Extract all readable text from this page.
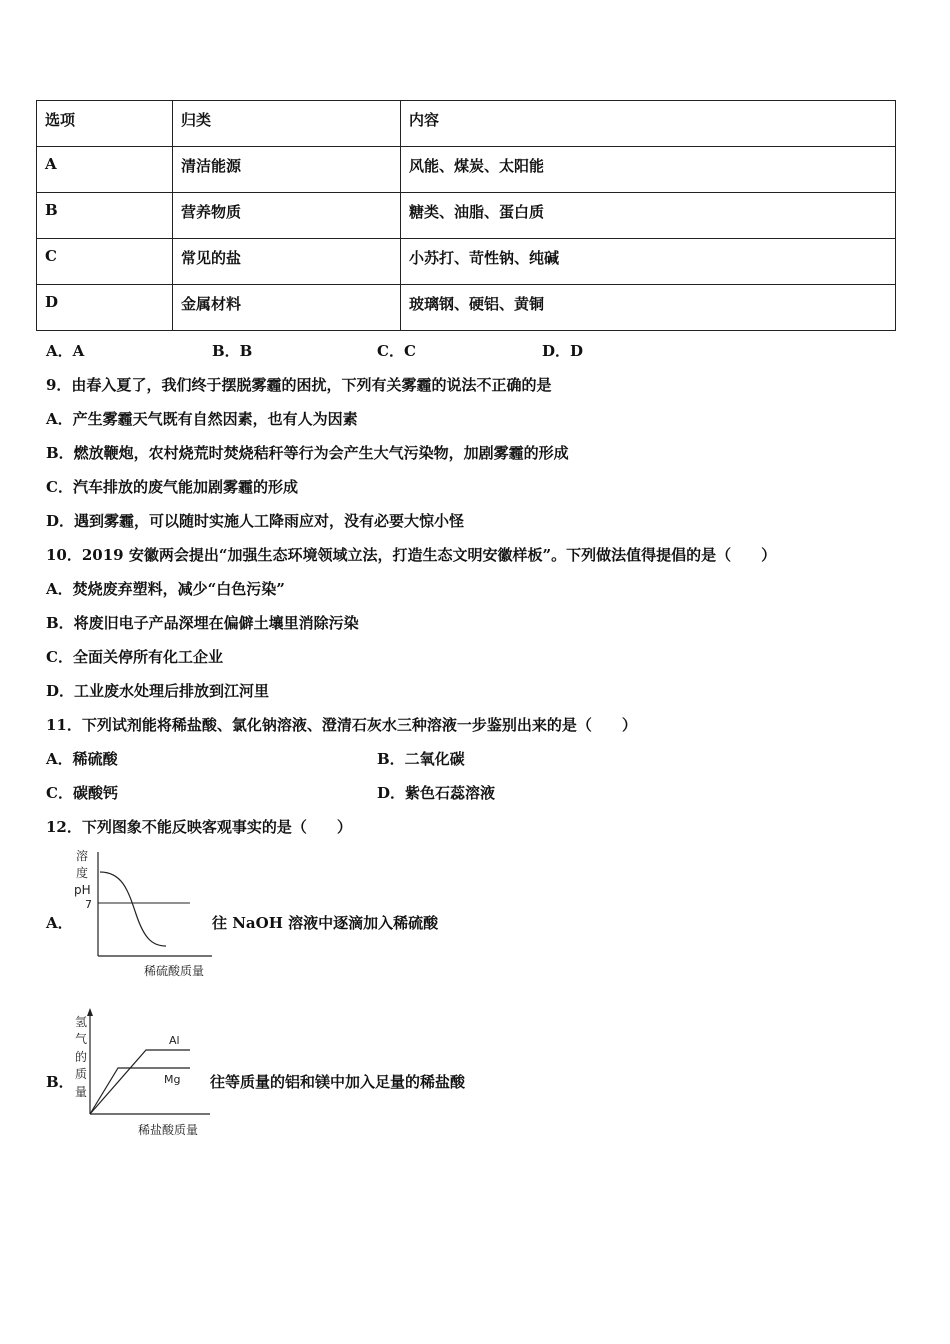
选项	归类	内容
A	清洁能源	风能、煤炭、太阳能
B	营养物质	糖类、油脂、蛋白质
C	常见的盐	小苏打、苛性钠、纯碱
D	金属材料	玻璃钢、硬铝、黄铜
A．A	B．B	C．C	D．D
9．由春入夏了，我们终于摆脱雾霾的困扰，下列有关雾霾的说法不正确的是
A．产生雾霾天气既有自然因素，也有人为因素
B．燃放鞭炮，农村烧荒时焚烧秸秆等行为会产生大气污染物，加剧雾霾的形成
C．汽车排放的废气能加剧雾霾的形成
D．遇到雾霾，可以随时实施人工降雨应对，没有必要大惊小怪
10．2019 安徽两会提出“加强生态环境领域立法，打造生态文明安徽样板”。下列做法值得提倡的是（　　）
A．焚烧废弃塑料，减少“白色污染”
B．将废旧电子产品深埋在偏僻土壤里消除污染
C．全面关停所有化工企业
D．工业废水处理后排放到江河里
11．下列试剂能将稀盐酸、氯化钠溶液、澄清石灰水三种溶液一步鉴别出来的是（　　）
A．稀硫酸	B．二氧化碳
C．碳酸钙	D．紫色石蕊溶液
12．下列图象不能反映客观事实的是（　　）
A．
溶
度
pH
7
稀硫酸质量
往 NaOH 溶液中逐滴加入稀硫酸
B．
氢
气
的
质
量
Al
Mg
稀盐酸质量
往等质量的铝和镁中加入足量的稀盐酸
